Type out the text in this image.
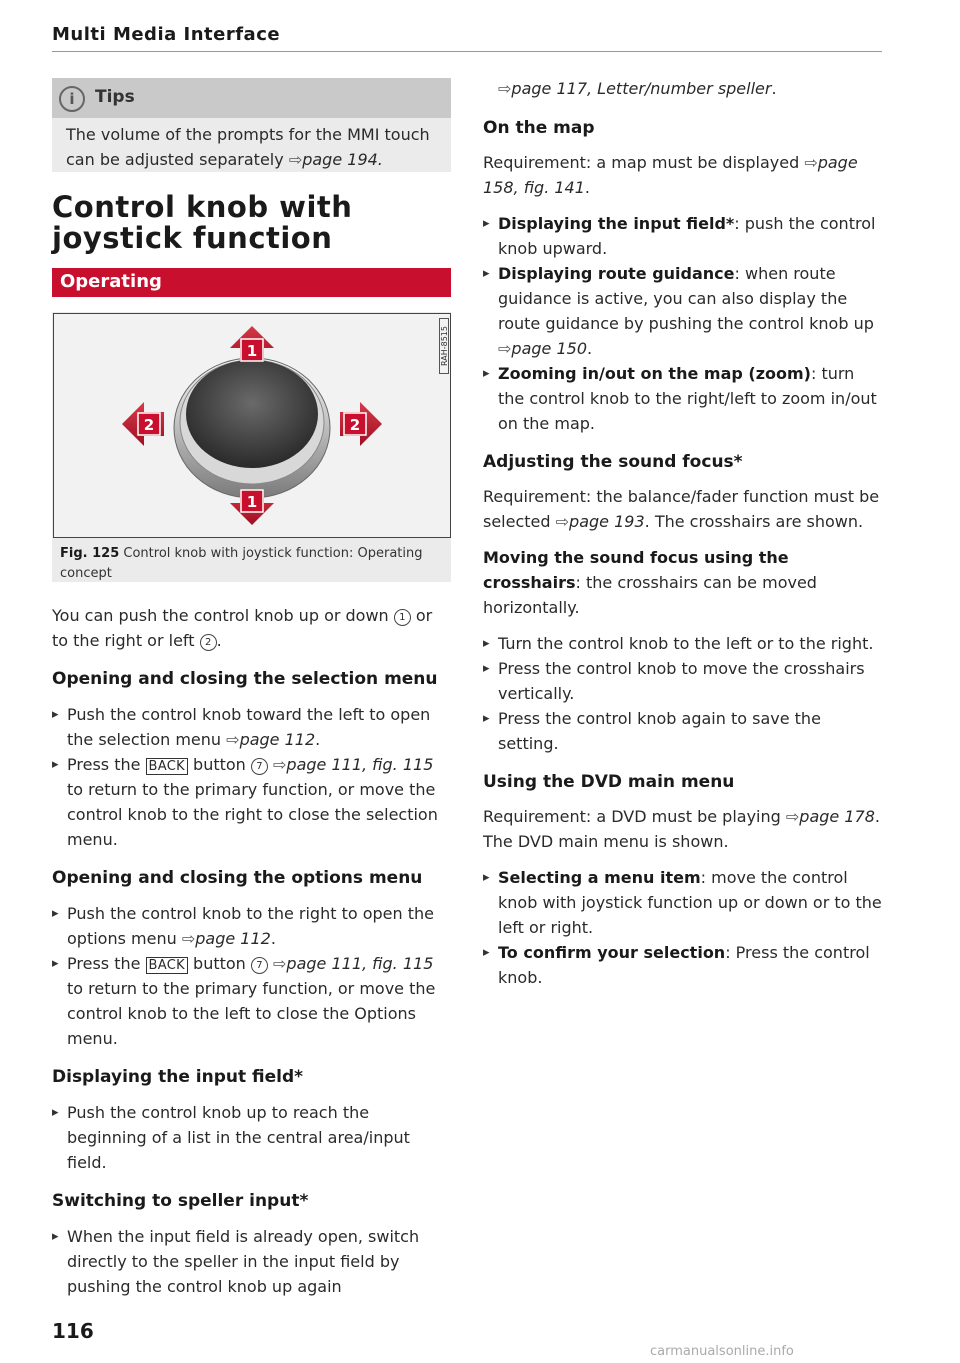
Multi Media Interface
i	Tips
The volume of the prompts for the MMI touch can be adjusted separately ⇨page 194.
Control knob with joystick function
Operating
RAH-8515
1
1
2	2
Fig. 125 Control knob with joystick function: Operating concept

You can push the control knob up or down 1 or to the right or left 2 .

Opening and closing the selection menu
▸ Push the control knob toward the left to open the selection menu ⇨page 112.
▸ Press the BACK button 7 ⇨page 111, fig. 115 to return to the primary function, or move the control knob to the right to close the selection menu.
Opening and closing the options menu
▸ Push the control knob to the right to open the options menu ⇨page 112.
▸ Press the BACK button 7 ⇨page 111, fig. 115 to return to the primary function, or move the control knob to the left to close the Options menu.
Displaying the input field*
▸ Push the control knob up to reach the beginning of a list in the central area/input field.
Switching to speller input*
▸ When the input field is already open, switch directly to the speller in the input field by pushing the control knob up again

⇨page 117, Letter/number speller.

On the map

Requirement: a map must be displayed ⇨page 158, fig. 141.

▸ Displaying the input field*: push the control knob upward.
▸ Displaying route guidance: when route guidance is active, you can also display the route guidance by pushing the control knob up ⇨page 150.
▸ Zooming in/out on the map (zoom): turn the control knob to the right/left to zoom in/out on the map.
Adjusting the sound focus*

Requirement: the balance/fader function must be selected ⇨page 193. The crosshairs are shown.

Moving the sound focus using the crosshairs: the crosshairs can be moved horizontally.

▸ Turn the control knob to the left or to the right.
▸ Press the control knob to move the crosshairs vertically.
▸ Press the control knob again to save the setting.
Using the DVD main menu

Requirement: a DVD must be playing ⇨page 178. The DVD main menu is shown.

▸ Selecting a menu item: move the control knob with joystick function up or down or to the left or right.
▸ To confirm your selection: Press the control knob.
116
carmanualsonline.info
